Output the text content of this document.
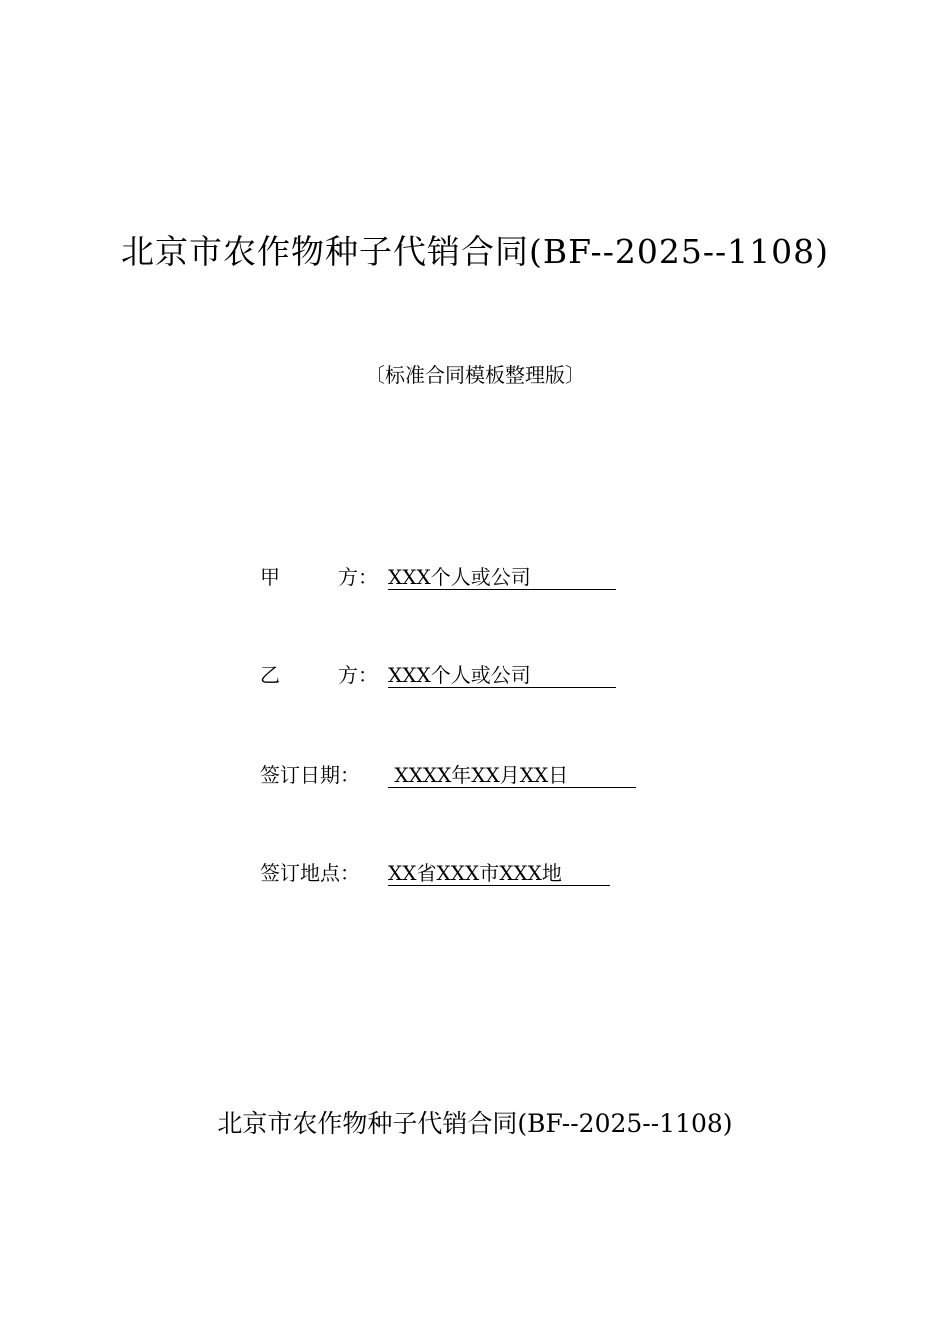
北京市农作物种子代销合同(BF--2025--1108)
〔标准合同模板整理版〕
甲	方： XXX个人或公司
乙	方： XXX个人或公司
签订日期： XXXX年XX月XX日
签订地点： XX省XXX市XXX地
北京市农作物种子代销合同(BF--2025--1108)
